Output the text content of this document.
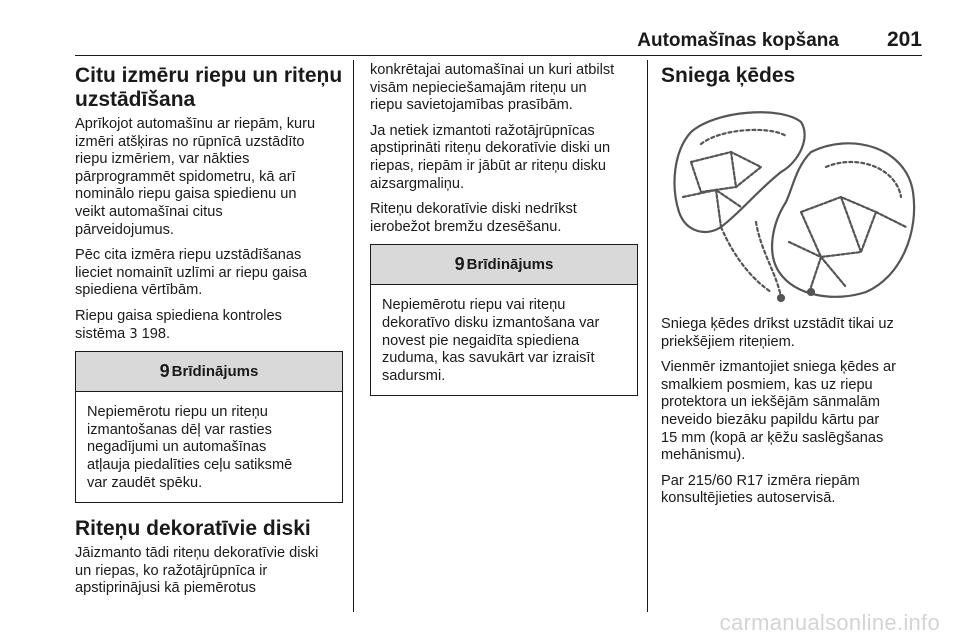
Automašīnas kopšana 201
Citu izmēru riepu un riteņu
uzstādīšana

Aprīkojot automašīnu ar riepām, kuru
izmēri atšķiras no rūpnīcā uzstādīto
riepu izmēriem, var nākties
pārprogrammēt spidometru, kā arī
nominālo riepu gaisa spiedienu un
veikt automašīnai citus
pārveidojumus.

Pēc cita izmēra riepu uzstādīšanas
lieciet nomainīt uzlīmi ar riepu gaisa
spiediena vērtībām.

Riepu gaisa spiediena kontroles
sistēma 3 198.

9 Brīdinājums
Nepiemērotu riepu un riteņu
izmantošanas dēļ var rasties
negadījumi un automašīnas
atļauja piedalīties ceļu satiksmē
var zaudēt spēku.
Riteņu dekoratīvie diski

Jāizmanto tādi riteņu dekoratīvie diski
un riepas, ko ražotājrūpnīca ir
apstiprinājusi kā piemērotus

konkrētajai automašīnai un kuri atbilst
visām nepieciešamajām riteņu un
riepu savietojamības prasībām.

Ja netiek izmantoti ražotājrūpnīcas
apstiprināti riteņu dekoratīvie diski un
riepas, riepām ir jābūt ar riteņu disku
aizsargmaliņu.

Riteņu dekoratīvie diski nedrīkst
ierobežot bremžu dzesēšanu.

9 Brīdinājums
Nepiemērotu riepu vai riteņu
dekoratīvo disku izmantošana var
novest pie negaidīta spiediena
zuduma, kas savukārt var izraisīt
sadursmi.
Sniega ķēdes

Sniega ķēdes drīkst uzstādīt tikai uz
priekšējiem riteņiem.

Vienmēr izmantojiet sniega ķēdes ar
smalkiem posmiem, kas uz riepu
protektora un iekšējām sānmalām
neveido biezāku papildu kārtu par
15 mm (kopā ar ķēžu saslēgšanas
mehānismu).

Par 215/60 R17 izmēra riepām
konsultējieties autoservisā.

carmanualsonline.info
